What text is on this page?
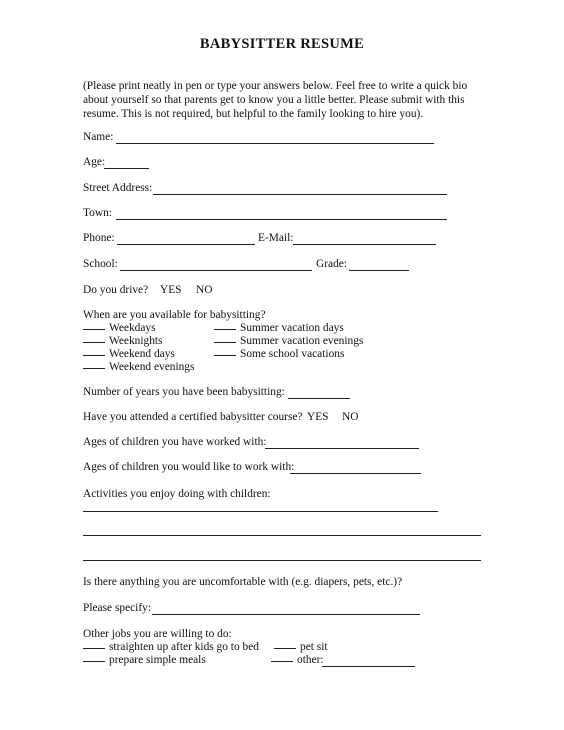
BABYSITTER RESUME
(Please print neatly in pen or type your answers below. Feel free to write a quick bio
about yourself so that parents get to know you a little better. Please submit with this
resume. This is not required, but helpful to the family looking to hire you).
Name:
Age:
Street Address:
Town:
Phone:	E-Mail:
School:	Grade:
Do you drive? YES NO
When are you available for babysitting?
Weekdays
Weeknights
Weekend days
Weekend evenings
Summer vacation days
Summer vacation evenings
Some school vacations
Number of years you have been babysitting:
Have you attended a certified babysitter course? YES NO
Ages of children you have worked with:
Ages of children you would like to work with:
Activities you enjoy doing with children:
Is there anything you are uncomfortable with (e.g. diapers, pets, etc.)?
Please specify:
Other jobs you are willing to do:
straighten up after kids go to bed
prepare simple meals
pet sit
other:
